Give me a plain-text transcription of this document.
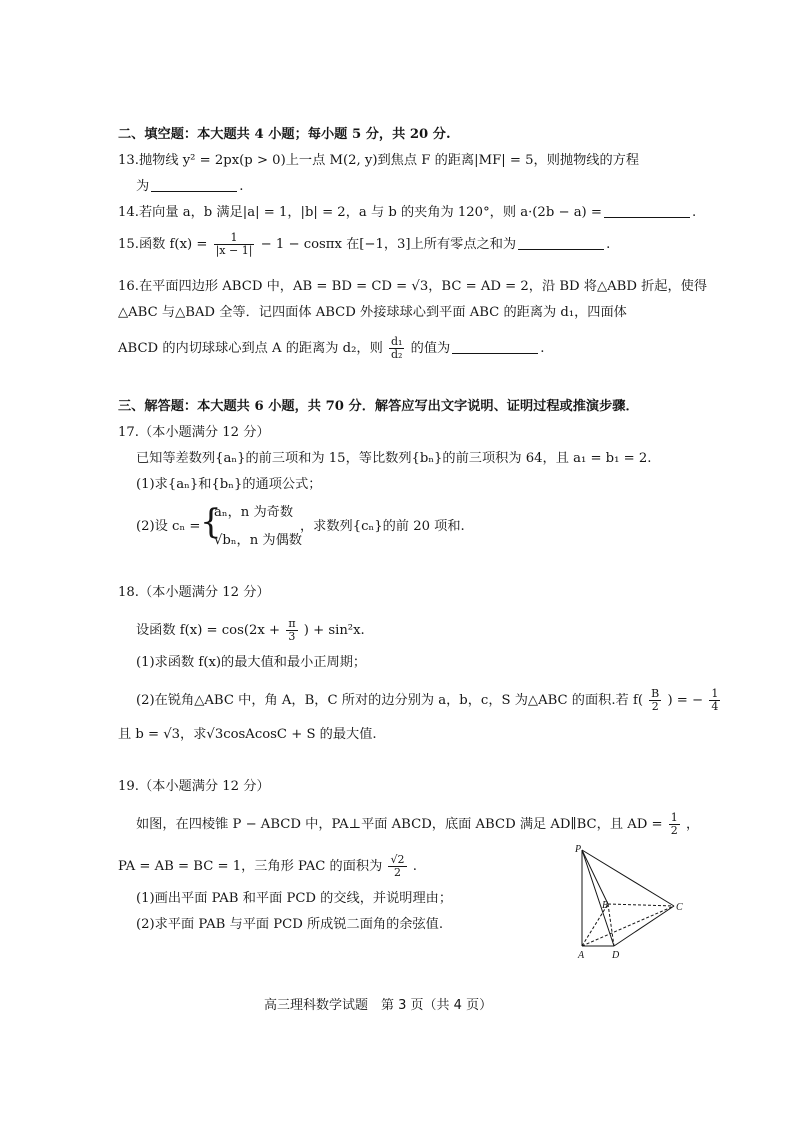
二、填空题：本大题共 4 小题；每小题 5 分，共 20 分.
13.抛物线 y² = 2px(p > 0)上一点 M(2, y)到焦点 F 的距离|MF| = 5，则抛物线的方程
为	.
14.若向量 a，b 满足|a| = 1，|b| = 2，a 与 b 的夹角为 120°，则 a·(2b − a) =	.
15.函数 $f(x) = \frac{1}{|x - 1|} - 1 - \cos\pi x$ 在[−1，3]上所有零点之和为	.
16.在平面四边形 ABCD 中，AB = BD = CD = √3，BC = AD = 2，沿 BD 将△ABD 折起，使得
△ABC 与△BAD 全等．记四面体 ABCD 外接球球心到平面 ABC 的距离为 d₁，四面体
ABCD 的内切球球心到点 A 的距离为 d₂，则 $\frac{\text{d₁}}{\text{d₂}}$ 的值为	.
三、解答题：本大题共 6 小题，共 70 分．解答应写出文字说明、证明过程或推演步骤．
17.（本小题满分 12 分）
已知等差数列{aₙ}的前三项和为 15，等比数列{bₙ}的前三项积为 64，且 a₁ = b₁ = 2.
(1)求{aₙ}和{bₙ}的通项公式；
(2)设 cₙ = {
aₙ，n 为奇数
√bₙ，n 为偶数
，求数列{cₙ}的前 20 项和.
18.（本小题满分 12 分）
设函数 $f(x) = \cos(2x + \frac{\pi}{3}$ ) + sin²x.
(1)求函数 f(x)的最大值和最小正周期；
(2)在锐角△ABC 中，角 A，B，C 所对的边分别为 a，b，c，S 为△ABC 的面积.若 $f( \frac{B}{2}$ ) = − $\frac{1}{4}$
且 b = √3，求√3cosAcosC + S 的最大值.
19.（本小题满分 12 分）
如图，在四棱锥 P − ABCD 中，PA⊥平面 ABCD，底面 ABCD 满足 AD∥BC，且 AD = $\frac{1}{2}$ ，
PA = AB = BC = 1，三角形 PAC 的面积为 $\frac{√2}{2}$ .
(1)画出平面 PAB 和平面 PCD 的交线，并说明理由；
(2)求平面 PAB 与平面 PCD 所成锐二面角的余弦值.
P
B	C
A	D
高三理科数学试题　第 3 页（共 4 页）
